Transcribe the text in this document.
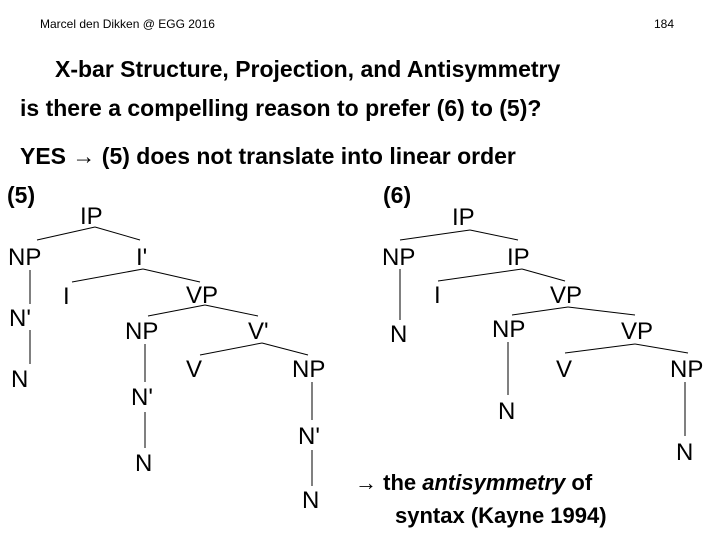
Marcel den Dikken @ EGG 2016	184
X-bar Structure, Projection, and Antisymmetry
is there a compelling reason to prefer (6) to (5)?
YES → (5) does not translate into linear order
(5)	(6)
IP
NP	I'
N'
I	VP
N
NP	V'
N'
V	NP
N
N'
N
IP
NP	IP
I	VP
N	NP	VP
V	NP
N
N
→ the antisymmetry of
syntax (Kayne 1994)
